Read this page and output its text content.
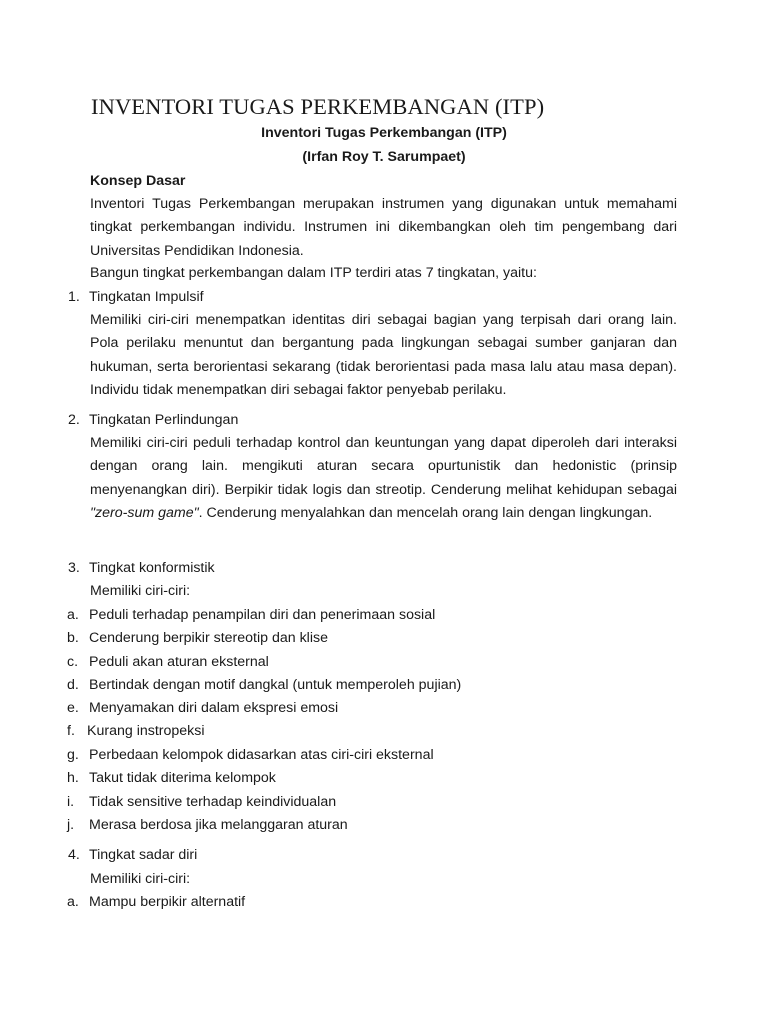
INVENTORI TUGAS PERKEMBANGAN (ITP)
Inventori Tugas Perkembangan (ITP)
(Irfan Roy T. Sarumpaet)
Konsep Dasar
Inventori Tugas Perkembangan merupakan instrumen yang digunakan untuk memahami tingkat perkembangan individu. Instrumen ini dikembangkan oleh tim pengembang dari Universitas Pendidikan Indonesia.
Bangun tingkat perkembangan dalam ITP terdiri atas 7 tingkatan, yaitu:
1. Tingkatan Impulsif
Memiliki ciri-ciri menempatkan identitas diri sebagai bagian yang terpisah dari orang lain. Pola perilaku menuntut dan bergantung pada lingkungan sebagai sumber ganjaran dan hukuman, serta berorientasi sekarang (tidak berorientasi pada masa lalu atau masa depan). Individu tidak menempatkan diri sebagai faktor penyebab perilaku.
2. Tingkatan Perlindungan
Memiliki ciri-ciri peduli terhadap kontrol dan keuntungan yang dapat diperoleh dari interaksi dengan orang lain. mengikuti aturan secara opurtunistik dan hedonistic (prinsip menyenangkan diri). Berpikir tidak logis dan streotip. Cenderung melihat kehidupan sebagai "zero-sum game". Cenderung menyalahkan dan mencelah orang lain dengan lingkungan.
3. Tingkat konformistik
Memiliki ciri-ciri:
a. Peduli terhadap penampilan diri dan penerimaan sosial
b. Cenderung berpikir stereotip dan klise
c. Peduli akan aturan eksternal
d. Bertindak dengan motif dangkal (untuk memperoleh pujian)
e. Menyamakan diri dalam ekspresi emosi
f. Kurang instropeksi
g. Perbedaan kelompok didasarkan atas ciri-ciri eksternal
h. Takut tidak diterima kelompok
i. Tidak sensitive terhadap keindividualan
j. Merasa berdosa jika melanggaran aturan
4. Tingkat sadar diri
Memiliki ciri-ciri:
a. Mampu berpikir alternatif
